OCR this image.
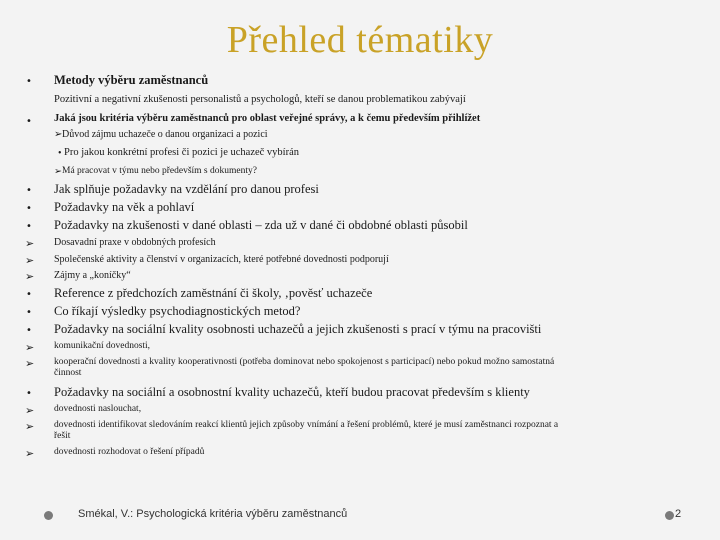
Přehled tématiky
• Metody výběru zaměstnanců
Pozitivní a negativní zkušenosti personalistů a psychologů, kteří se danou problematikou zabývají
• Jaká jsou kritéria výběru zaměstnanců pro oblast veřejné správy, a k čemu především přihlížet
➢ Důvod zájmu uchazeče o danou organizaci a pozici
• Pro jakou konkrétní profesi či pozici je uchazeč vybírán
➢ Má pracovat v týmu nebo především s dokumenty?
• Jak splňuje požadavky na vzdělání pro danou profesi
• Požadavky na věk a pohlaví
• Požadavky na zkušenosti v dané oblasti – zda už v dané či obdobné oblasti působil
➢ Dosavadní praxe v obdobných profesích
➢ Společenské aktivity a členství v organizacích, které potřebné dovednosti podporují
➢ Zájmy a „koníčky“
• Reference z předchozích zaměstnání či školy, ‚pověsť uchazeče
• Co říkají výsledky psychodiagnostických metod?
• Požadavky na sociální kvality osobnosti uchazečů a jejich zkušenosti s prací v týmu na pracovišti
➢ komunikační dovednosti,
➢ kooperační dovednosti a kvality kooperativnosti (potřeba dominovat nebo spokojenost s participací) nebo pokud možno samostatná
činnost
• Požadavky na sociální a osobnostní kvality uchazečů, kteří budou pracovat především s klienty
➢ dovednosti naslouchat,
➢ dovednosti identifikovat sledováním reakcí klientů jejich způsoby vnímání a řešení problémů, které je musí zaměstnanci rozpoznat a
řešit
➢ dovednosti rozhodovat o řešení případů
Smékal, V.: Psychologická kritéria výběru zaměstnanců	2
